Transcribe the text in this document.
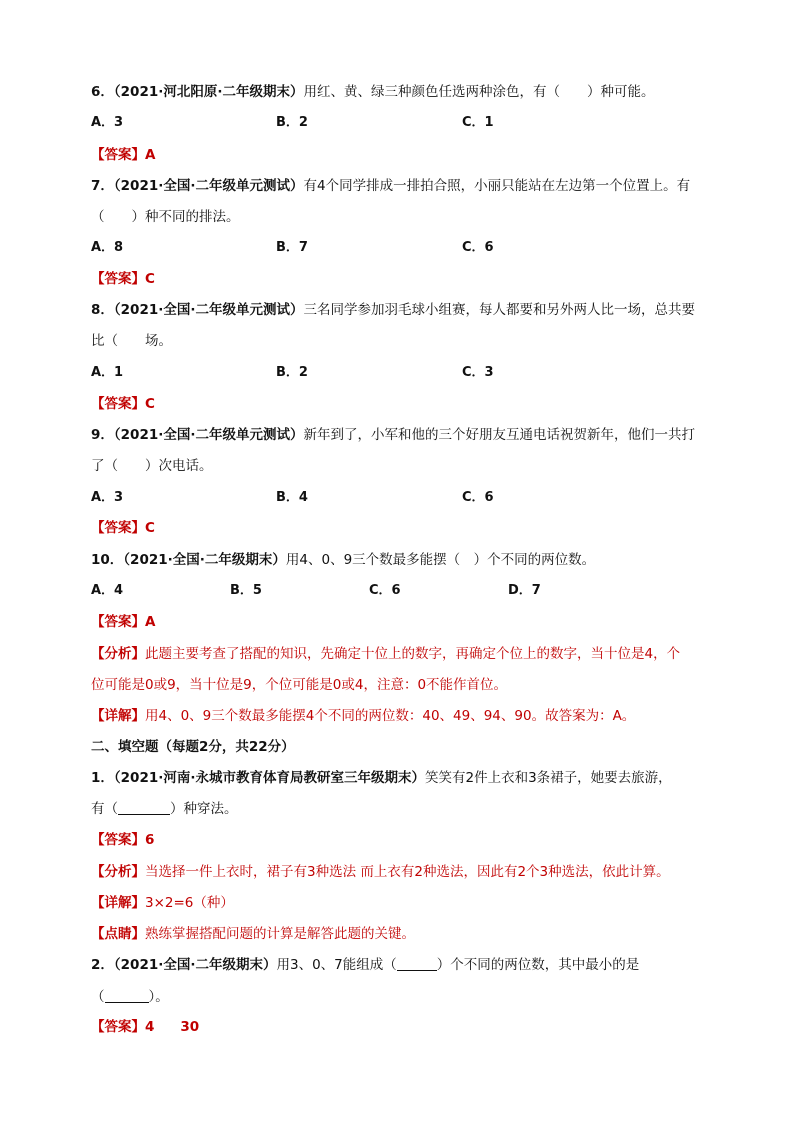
6．（2021·河北阳原·二年级期末）用红、黄、绿三种颜色任选两种涂色，有（　　）种可能。
A．3	B．2	C．1
【答案】A
7．（2021·全国·二年级单元测试）有4个同学排成一排拍合照，小丽只能站在左边第一个位置上。有
（　　）种不同的排法。
A．8	B．7	C．6
【答案】C
8．（2021·全国·二年级单元测试）三名同学参加羽毛球小组赛，每人都要和另外两人比一场，总共要
比（　　场。
A．1	B．2	C．3
【答案】C
9．（2021·全国·二年级单元测试）新年到了，小军和他的三个好朋友互通电话祝贺新年，他们一共打
了（　　）次电话。
A．3	B．4	C．6
【答案】C
10．（2021·全国·二年级期末）用4、0、9三个数最多能摆（　）个不同的两位数。
A．4	B．5	C．6	D．7
【答案】A
【分析】此题主要考查了搭配的知识，先确定十位上的数字，再确定个位上的数字，当十位是4，个
位可能是0或9，当十位是9，个位可能是0或4，注意：0不能作首位。
【详解】用4、0、9三个数最多能摆4个不同的两位数：40、49、94、90。故答案为：A。
二、填空题（每题2分，共22分）
1．（2021·河南·永城市教育体育局教研室三年级期末）笑笑有2件上衣和3条裙子，她要去旅游，
有（	）种穿法。
【答案】6
【分析】当选择一件上衣时，裙子有3种选法 而上衣有2种选法，因此有2个3种选法，依此计算。
【详解】3×2=6（种）
【点睛】熟练掌握搭配问题的计算是解答此题的关键。
2．（2021·全国·二年级期末）用3、0、7能组成（	）个不同的两位数，其中最小的是
（	）。
【答案】4 30
